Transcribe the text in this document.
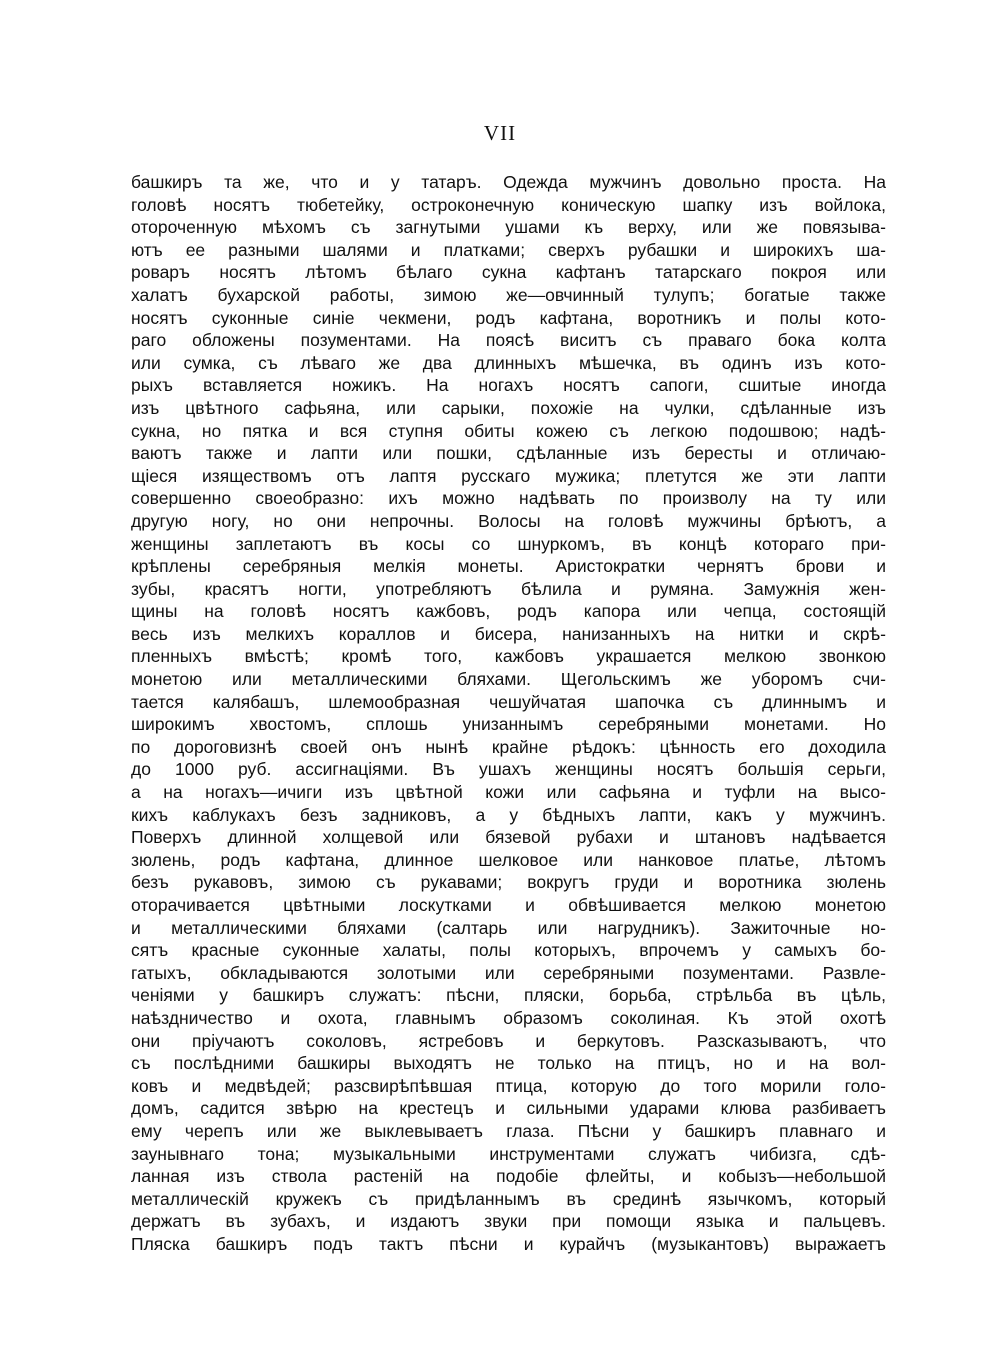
VII
башкиръ та же, что и у татаръ. Одежда мужчинъ довольно проста. На
головѣ носятъ тюбетейку, остроконечную коническую шапку изъ войлока,
отороченную мѣхомъ съ загнутыми ушами къ верху, или же повязыва-
ютъ ее разными шалями и платками; сверхъ рубашки и широкихъ ша-
роваръ носятъ лѣтомъ бѣлаго сукна кафтанъ татарскаго покроя или
халатъ бухарской работы, зимою же—овчинный тулупъ; богатые также
носятъ суконные синіе чекмени, родъ кафтана, воротникъ и полы кото-
раго обложены позументами. На поясѣ виситъ съ праваго бока колта
или сумка, съ лѣваго же два длинныхъ мѣшечка, въ одинъ изъ кото-
рыхъ вставляется ножикъ. На ногахъ носятъ сапоги, сшитые иногда
изъ цвѣтного сафьяна, или сарыки, похожіе на чулки, сдѣланные изъ
сукна, но пятка и вся ступня обиты кожею съ легкою подошвою; надѣ-
ваютъ также и лапти или пошки, сдѣланные изъ бересты и отличаю-
щіеся изяществомъ отъ лаптя русскаго мужика; плетутся же эти лапти
совершенно своеобразно: ихъ можно надѣвать по произволу на ту или
другую ногу, но они непрочны. Волосы на головѣ мужчины брѣютъ, а
женщины заплетаютъ въ косы со шнуркомъ, въ концѣ котораго при-
крѣплены серебряныя мелкія монеты. Аристократки чернятъ брови и
зубы, красятъ ногти, употребляютъ бѣлила и румяна. Замужнія жен-
щины на головѣ носятъ кажбовъ, родъ капора или чепца, состоящій
весь изъ мелкихъ кораллов и бисера, нанизанныхъ на нитки и скрѣ-
пленныхъ вмѣстѣ; кромѣ того, кажбовъ украшается мелкою звонкою
монетою или металлическими бляхами. Щегольскимъ же уборомъ счи-
тается калябашъ, шлемообразная чешуйчатая шапочка съ длиннымъ и
широкимъ хвостомъ, сплошь унизаннымъ серебряными монетами. Но
по дороговизнѣ своей онъ нынѣ крайне рѣдокъ: цѣнность его доходила
до 1000 руб. ассигнаціями. Въ ушахъ женщины носятъ большія серьги,
а на ногахъ—ичиги изъ цвѣтной кожи или сафьяна и туфли на высо-
кихъ каблукахъ безъ задниковъ, а у бѣдныхъ лапти, какъ у мужчинъ.
Поверхъ длинной холщевой или бязевой рубахи и штановъ надѣвается
зюлень, родъ кафтана, длинное шелковое или нанковое платье, лѣтомъ
безъ рукавовъ, зимою съ рукавами; вокругъ груди и воротника зюлень
оторачивается цвѣтными лоскутками и обвѣшивается мелкою монетою
и металлическими бляхами (салтарь или нагрудникъ). Зажиточные но-
сятъ красные суконные халаты, полы которыхъ, впрочемъ у самыхъ бо-
гатыхъ, обкладываются золотыми или серебряными позументами. Развле-
ченіями у башкиръ служатъ: пѣсни, пляски, борьба, стрѣльба въ цѣль,
наѣздничество и охота, главнымъ образомъ соколиная. Къ этой охотѣ
они пріучаютъ соколовъ, ястребовъ и беркутовъ. Разсказываютъ, что
съ послѣдними башкиры выходятъ не только на птицъ, но и на вол-
ковъ и медвѣдей; разсвирѣпѣвшая птица, которую до того морили голо-
домъ, садится звѣрю на крестецъ и сильными ударами клюва разбиваетъ
ему черепъ или же выклевываетъ глаза. Пѣсни у башкиръ плавнаго и
заунывнаго тона; музыкальными инструментами служатъ чибизга, сдѣ-
ланная изъ ствола растеній на подобіе флейты, и кобызъ—небольшой
металлическій кружекъ съ придѣланнымъ въ срединѣ язычкомъ, который
держатъ въ зубахъ, и издаютъ звуки при помощи языка и пальцевъ.
Пляска башкиръ подъ тактъ пѣсни и курайчъ (музыкантовъ) выражаетъ
